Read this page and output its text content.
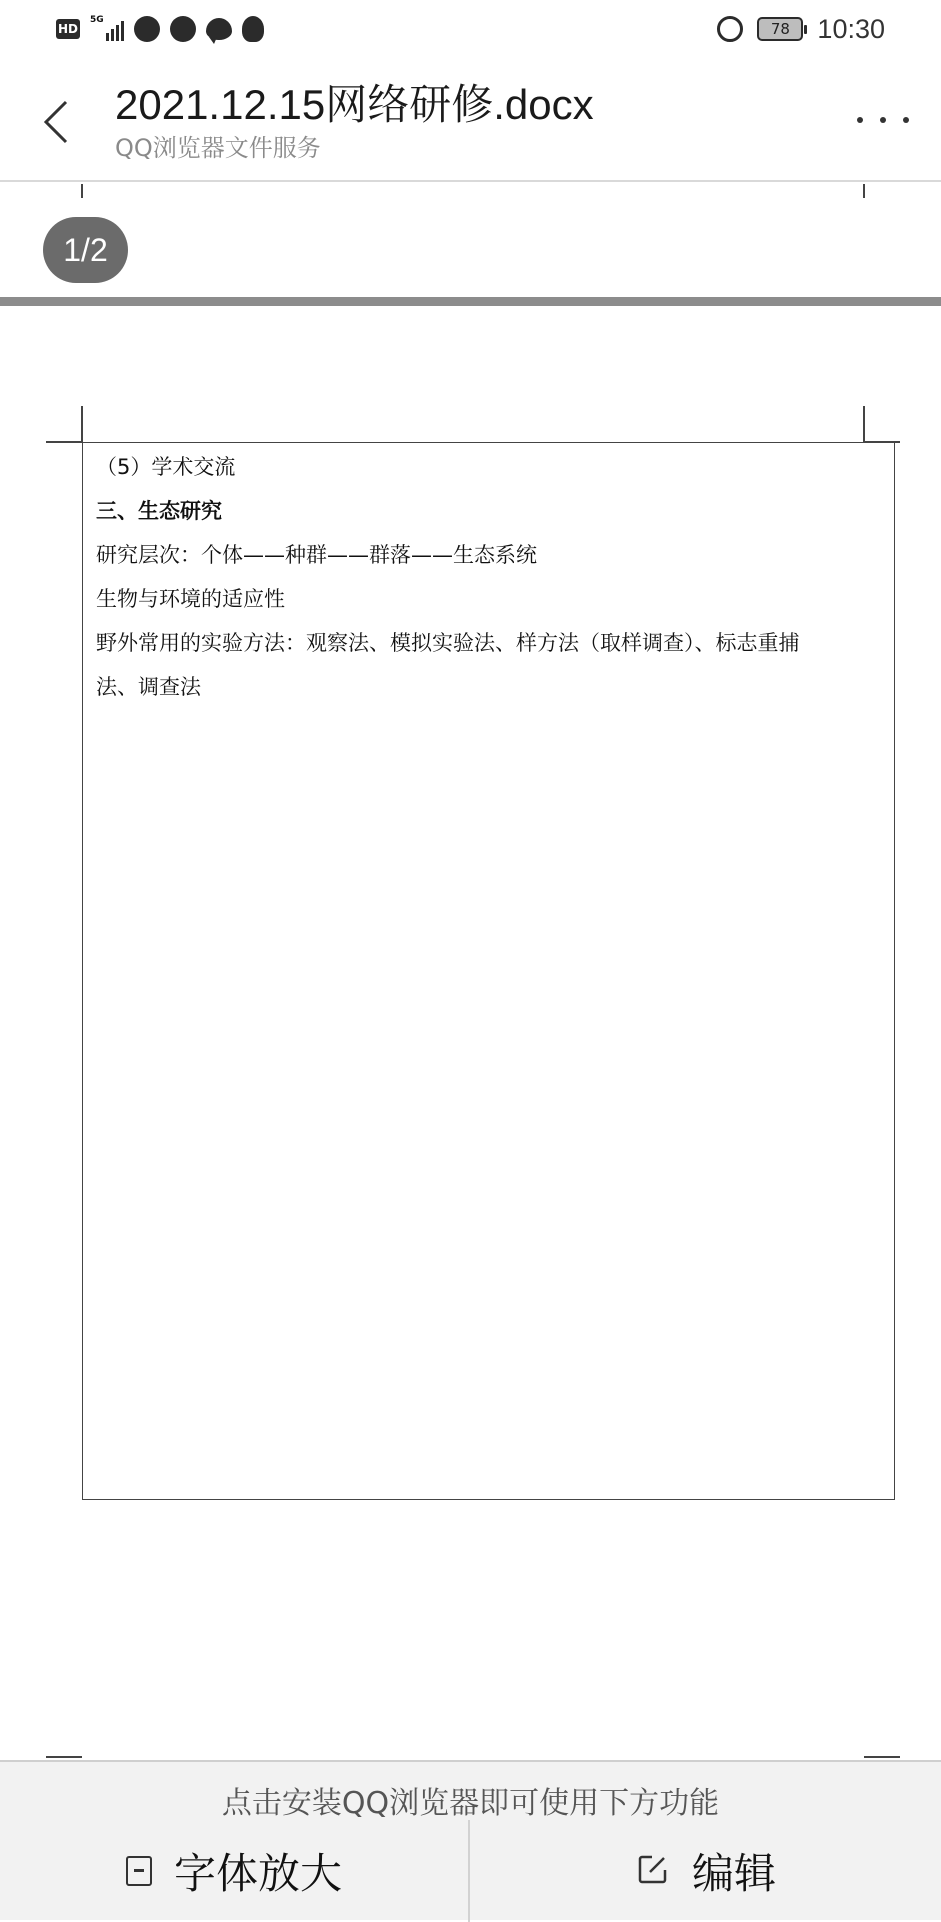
HD
5G	78 10:30
2021.12.15网络研修.docx
QQ浏览器文件服务
1/2
（5）学术交流
三、生态研究
研究层次：个体——种群——群落——生态系统
生物与环境的适应性
野外常用的实验方法：观察法、模拟实验法、样方法（取样调查）、标志重捕
法、调查法
点击安装QQ浏览器即可使用下方功能
字体放大	编辑
